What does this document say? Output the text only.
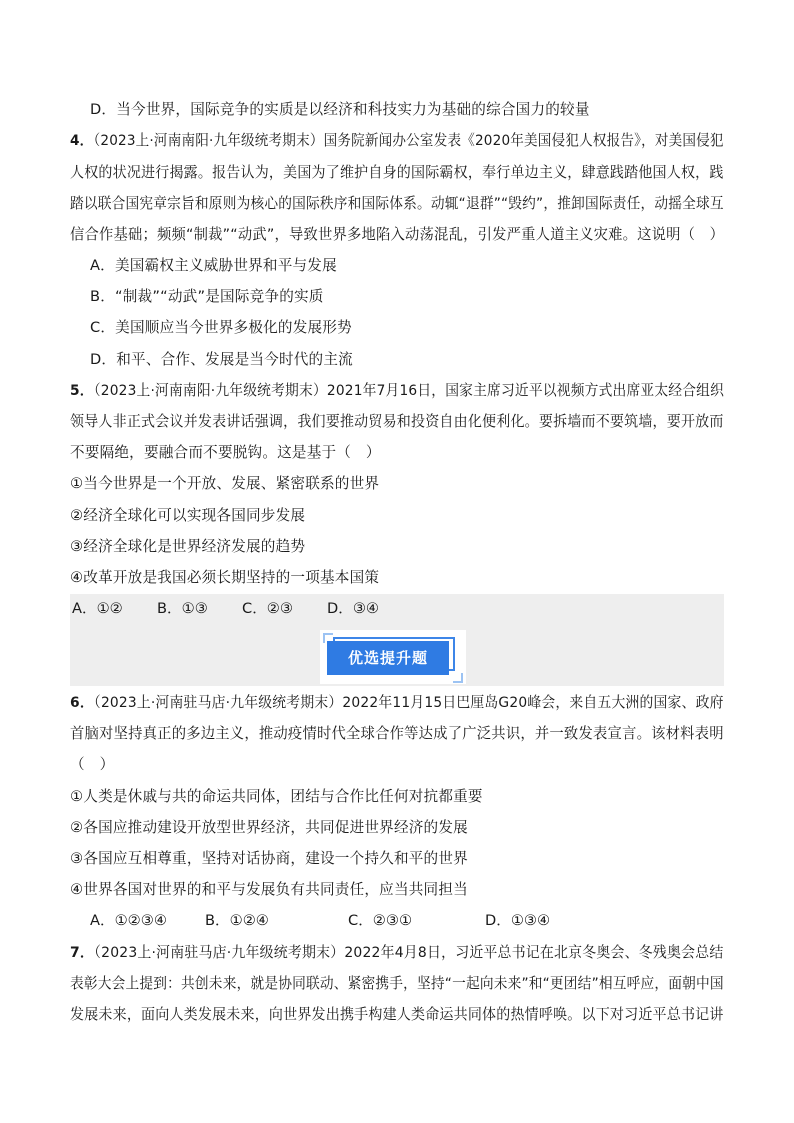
D．当今世界，国际竞争的实质是以经济和科技实力为基础的综合国力的较量
4．（2023上·河南南阳·九年级统考期末）国务院新闻办公室发表《2020年美国侵犯人权报告》，对美国侵犯
人权的状况进行揭露。报告认为，美国为了维护自身的国际霸权，奉行单边主义，肆意践踏他国人权，践
踏以联合国宪章宗旨和原则为核心的国际秩序和国际体系。动辄“退群”“毁约”，推卸国际责任，动摇全球互
信合作基础；频频“制裁”“动武”，导致世界多地陷入动荡混乱，引发严重人道主义灾难。这说明（　）
A．美国霸权主义威胁世界和平与发展
B．“制裁”“动武”是国际竞争的实质
C．美国顺应当今世界多极化的发展形势
D．和平、合作、发展是当今时代的主流
5．（2023上·河南南阳·九年级统考期末）2021年7月16日，国家主席习近平以视频方式出席亚太经合组织
领导人非正式会议并发表讲话强调，我们要推动贸易和投资自由化便利化。要拆墙而不要筑墙，要开放而
不要隔绝，要融合而不要脱钩。这是基于（　）
①当今世界是一个开放、发展、紧密联系的世界
②经济全球化可以实现各国同步发展
③经济全球化是世界经济发展的趋势
④改革开放是我国必须长期坚持的一项基本国策
A．①② B．①③ C．②③ D．③④
优选提升题
6．（2023上·河南驻马店·九年级统考期末）2022年11月15日巴厘岛G20峰会，来自五大洲的国家、政府
首脑对坚持真正的多边主义，推动疫情时代全球合作等达成了广泛共识，并一致发表宣言。该材料表明
（　）
①人类是休戚与共的命运共同体，团结与合作比任何对抗都重要
②各国应推动建设开放型世界经济，共同促进世界经济的发展
③各国应互相尊重，坚持对话协商，建设一个持久和平的世界
④世界各国对世界的和平与发展负有共同责任，应当共同担当
A．①②③④	B．①②④	C．②③①	D．①③④
7．（2023上·河南驻马店·九年级统考期末）2022年4月8日，习近平总书记在北京冬奥会、冬残奥会总结
表彰大会上提到：共创未来，就是协同联动、紧密携手，坚持“一起向未来”和“更团结”相互呼应，面朝中国
发展未来，面向人类发展未来，向世界发出携手构建人类命运共同体的热情呼唤。以下对习近平总书记讲
